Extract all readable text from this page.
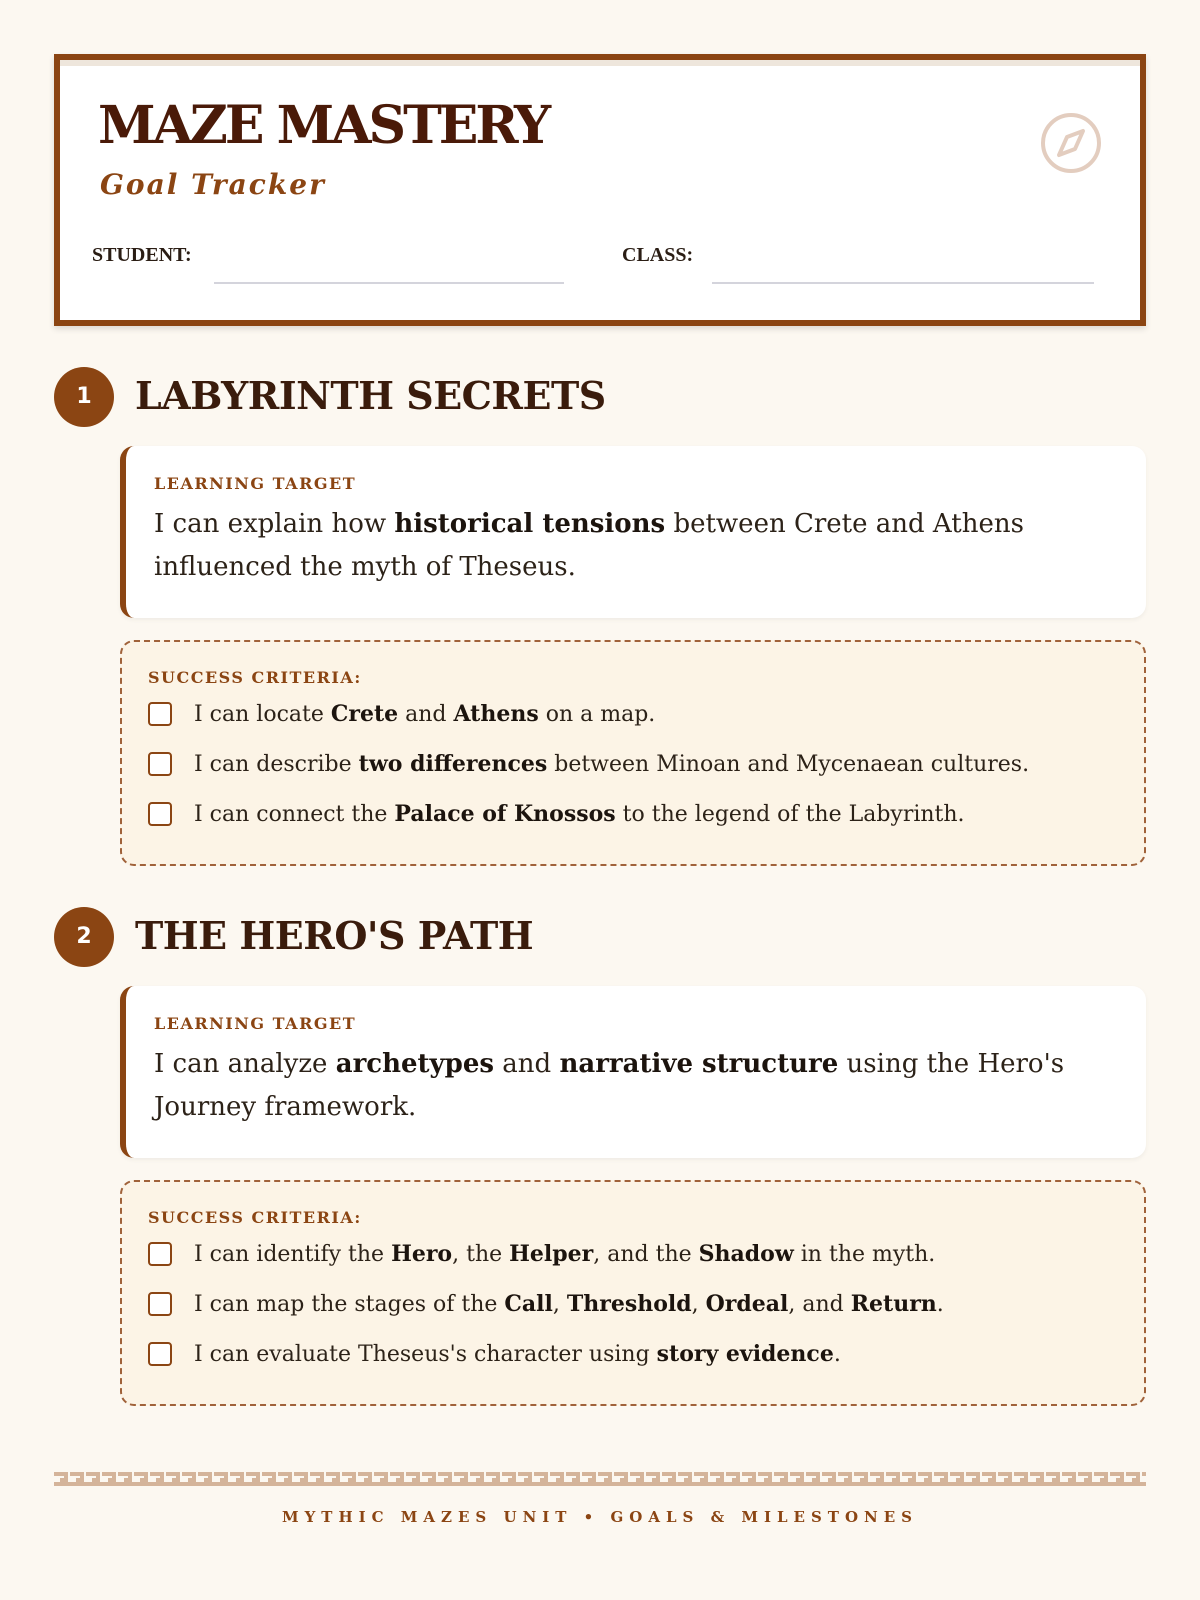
MAZE MASTERY
Goal Tracker
STUDENT:	CLASS:
1	LABYRINTH SECRETS
LEARNING TARGET
I can explain how historical tensions between Crete and Athens influenced the myth of Theseus.
SUCCESS CRITERIA:
I can locate Crete and Athens on a map.
I can describe two differences between Minoan and Mycenaean cultures.
I can connect the Palace of Knossos to the legend of the Labyrinth.
2	THE HERO'S PATH
LEARNING TARGET
I can analyze archetypes and narrative structure using the Hero's Journey framework.
SUCCESS CRITERIA:
I can identify the Hero, the Helper, and the Shadow in the myth.
I can map the stages of the Call, Threshold, Ordeal, and Return.
I can evaluate Theseus's character using story evidence.
MYTHIC MAZES UNIT • GOALS & MILESTONES
